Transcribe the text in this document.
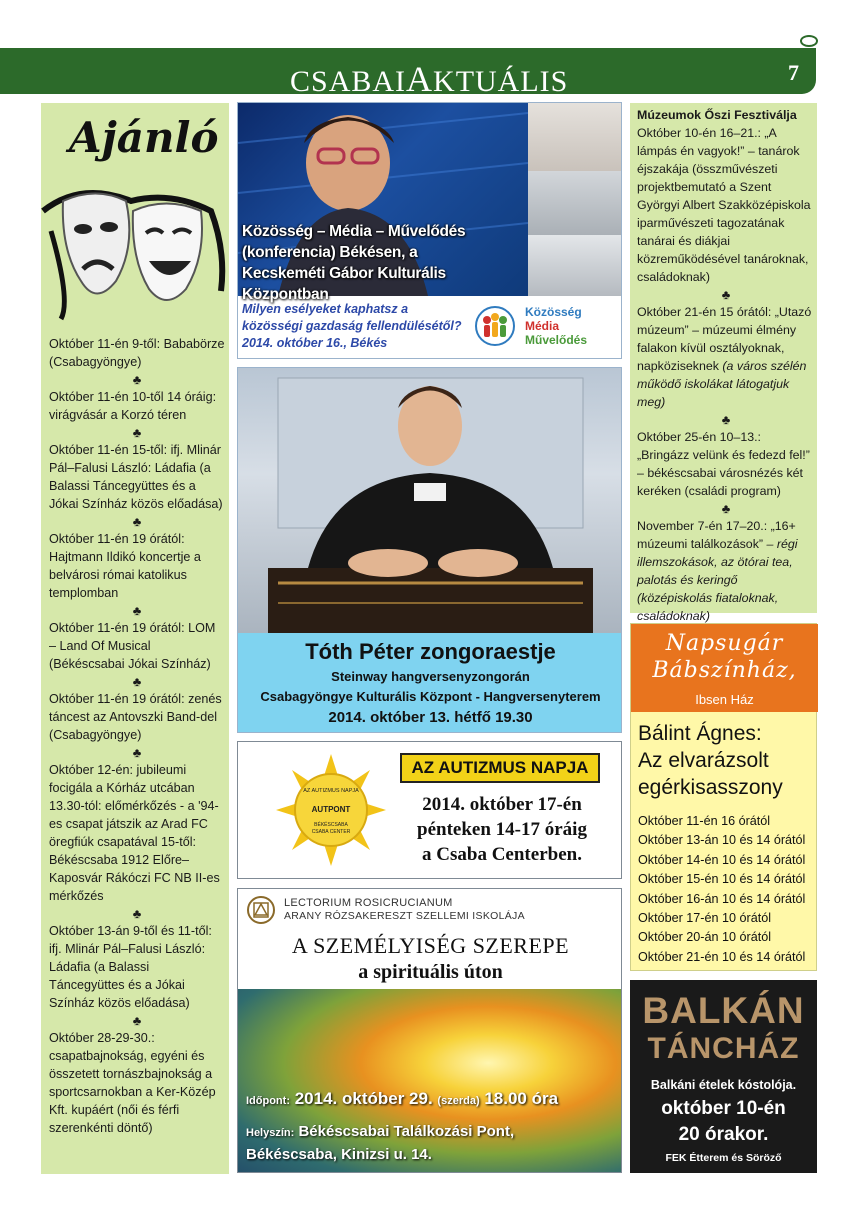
CSABAIAKTUÁLIS	7
Ajánló
Október 11-én 9-től: Bababörze (Csabagyöngye)
♣
Október 11-én 10-től 14 óráig: virágvásár a Korzó téren
♣
Október 11-én 15-től: ifj. Mlinár Pál–Falusi László: Ládafia (a Balassi Táncegyüttes és a Jókai Színház közös előadása)
♣
Október 11-én 19 órától: Hajtmann Ildikó koncertje a belvárosi római katolikus templomban
♣
Október 11-én 19 órától: LOM – Land Of Musical (Békéscsabai Jókai Színház)
♣
Október 11-én 19 órától: zenés táncest az Antovszki Band-del (Csabagyöngye)
♣
Október 12-én: jubileumi focigála a Kórház utcában 13.30-tól: előmérkőzés - a '94-es csapat játszik az Arad FC öregfiúk csapatával 15-től: Békéscsaba 1912 Előre–Kaposvár Rákóczi FC NB II-es mérkőzés
♣
Október 13-án 9-től és 11-től: ifj. Mlinár Pál–Falusi László: Ládafia (a Balassi Táncegyüttes és a Jókai Színház közös előadása)
♣
Október 28-29-30.: csapatbajnokság, egyéni és összetett tornászbajnokság a sportcsarnokban a Ker-Közép Kft. kupáért (női és férfi szerenkénti döntő)
Közösség – Média – Művelődés
(konferencia) Békésen, a
Kecskeméti Gábor Kulturális Központban
Milyen esélyeket kaphatsz a
közösségi gazdaság fellendülésétől?
2014. október 16., Békés
Közösség
Média
Művelődés
Tóth Péter zongoraestje
Steinway hangversenyzongorán
Csabagyöngye Kulturális Központ - Hangversenyterem
2014. október 13. hétfő 19.30
AZ AUTIZMUS NAPJA
AUTPONT
BÉKÉSCSABA
CSABA CENTER
AZ AUTIZMUS NAPJA
2014. október 17-én
pénteken 14-17 óráig
a Csaba Centerben.
LECTORIUM ROSICRUCIANUM
ARANY RÓZSAKERESZT SZELLEMI ISKOLÁJA
A SZEMÉLYISÉG SZEREPE
a spirituális úton
Időpont: 2014. október 29. (szerda) 18.00 óra
Helyszín: Békéscsabai Találkozási Pont,
Békéscsaba, Kinizsi u. 14.
Múzeumok Őszi Fesztiválja
Október 10-én 16–21.: „A lámpás én vagyok!” – tanárok éjszakája (összművészeti projektbemutató a Szent Györgyi Albert Szakközépiskola iparművészeti tagozatának tanárai és diákjai közreműködésével tanároknak, családoknak)
♣
Október 21-én 15 órától: „Utazó múzeum” – múzeumi élmény falakon kívül osztályoknak, napköziseknek (a város szélén működő iskolákat látogatjuk meg)
♣
Október 25-én 10–13.: „Bringázz velünk és fedezd fel!” – békéscsabai városnézés két keréken (családi program)
♣
November 7-én 17–20.: „16+ múzeumi találkozások” – régi illemszokások, az ötórai tea, palotás és keringő (középiskolás fiataloknak, családoknak)
Napsugár
Bábszínház,
Ibsen Ház
Bálint Ágnes:
Az elvarázsolt
egérkisasszony
Október 11-én 16 órától
Október 13-án 10 és 14 órától
Október 14-én 10 és 14 órától
Október 15-én 10 és 14 órától
Október 16-án 10 és 14 órától
Október 17-én 10 órától
Október 20-án 10 órától
Október 21-én 10 és 14 órától
BALKÁN
TÁNCHÁZ
Balkáni ételek kóstolója.
október 10-én
20 órakor.
FEK Étterem és Söröző
